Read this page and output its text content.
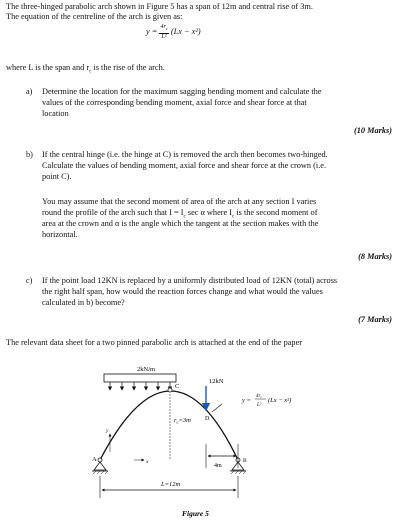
The three-hinged parabolic arch shown in Figure 5 has a span of 12m and central rise of 3m.
The equation of the centreline of the arch is given as:
$y = \frac{4r_c}{\text{L²}} (Lx - x^2)$
where L is the span and $r_c$ is the rise of the arch.
a) Determine the location for the maximum sagging bending moment and calculate the
values of the corresponding bending moment, axial force and shear force at that
location
(10 Marks)
b) If the central hinge (i.e. the hinge at C) is removed the arch then becomes two-hinged.
Calculate the values of bending moment, axial force and shear force at the crown (i.e.
point C).
You may assume that the second moment of area of the arch at any section I varies
round the profile of the arch such that $I = I_c$ sec α where $I_c$ is the second moment of
area at the crown and α is the angle which the tangent at the section makes with the
horizontal.
(8 Marks)
c) If the point load 12KN is replaced by a uniformly distributed load of 12KN (total) across
the right half span, how would the reaction forces change and what would the values
calculated in b) become?
(7 Marks)
The relevant data sheet for a two pinned parabolic arch is attached at the end of the paper
2kN/m
C
12kN
D
$r_c=3m$
y =
$4r_c$
L²
(Lx − x²)
y
x
A	B
4m
L=12m
Figure 5
